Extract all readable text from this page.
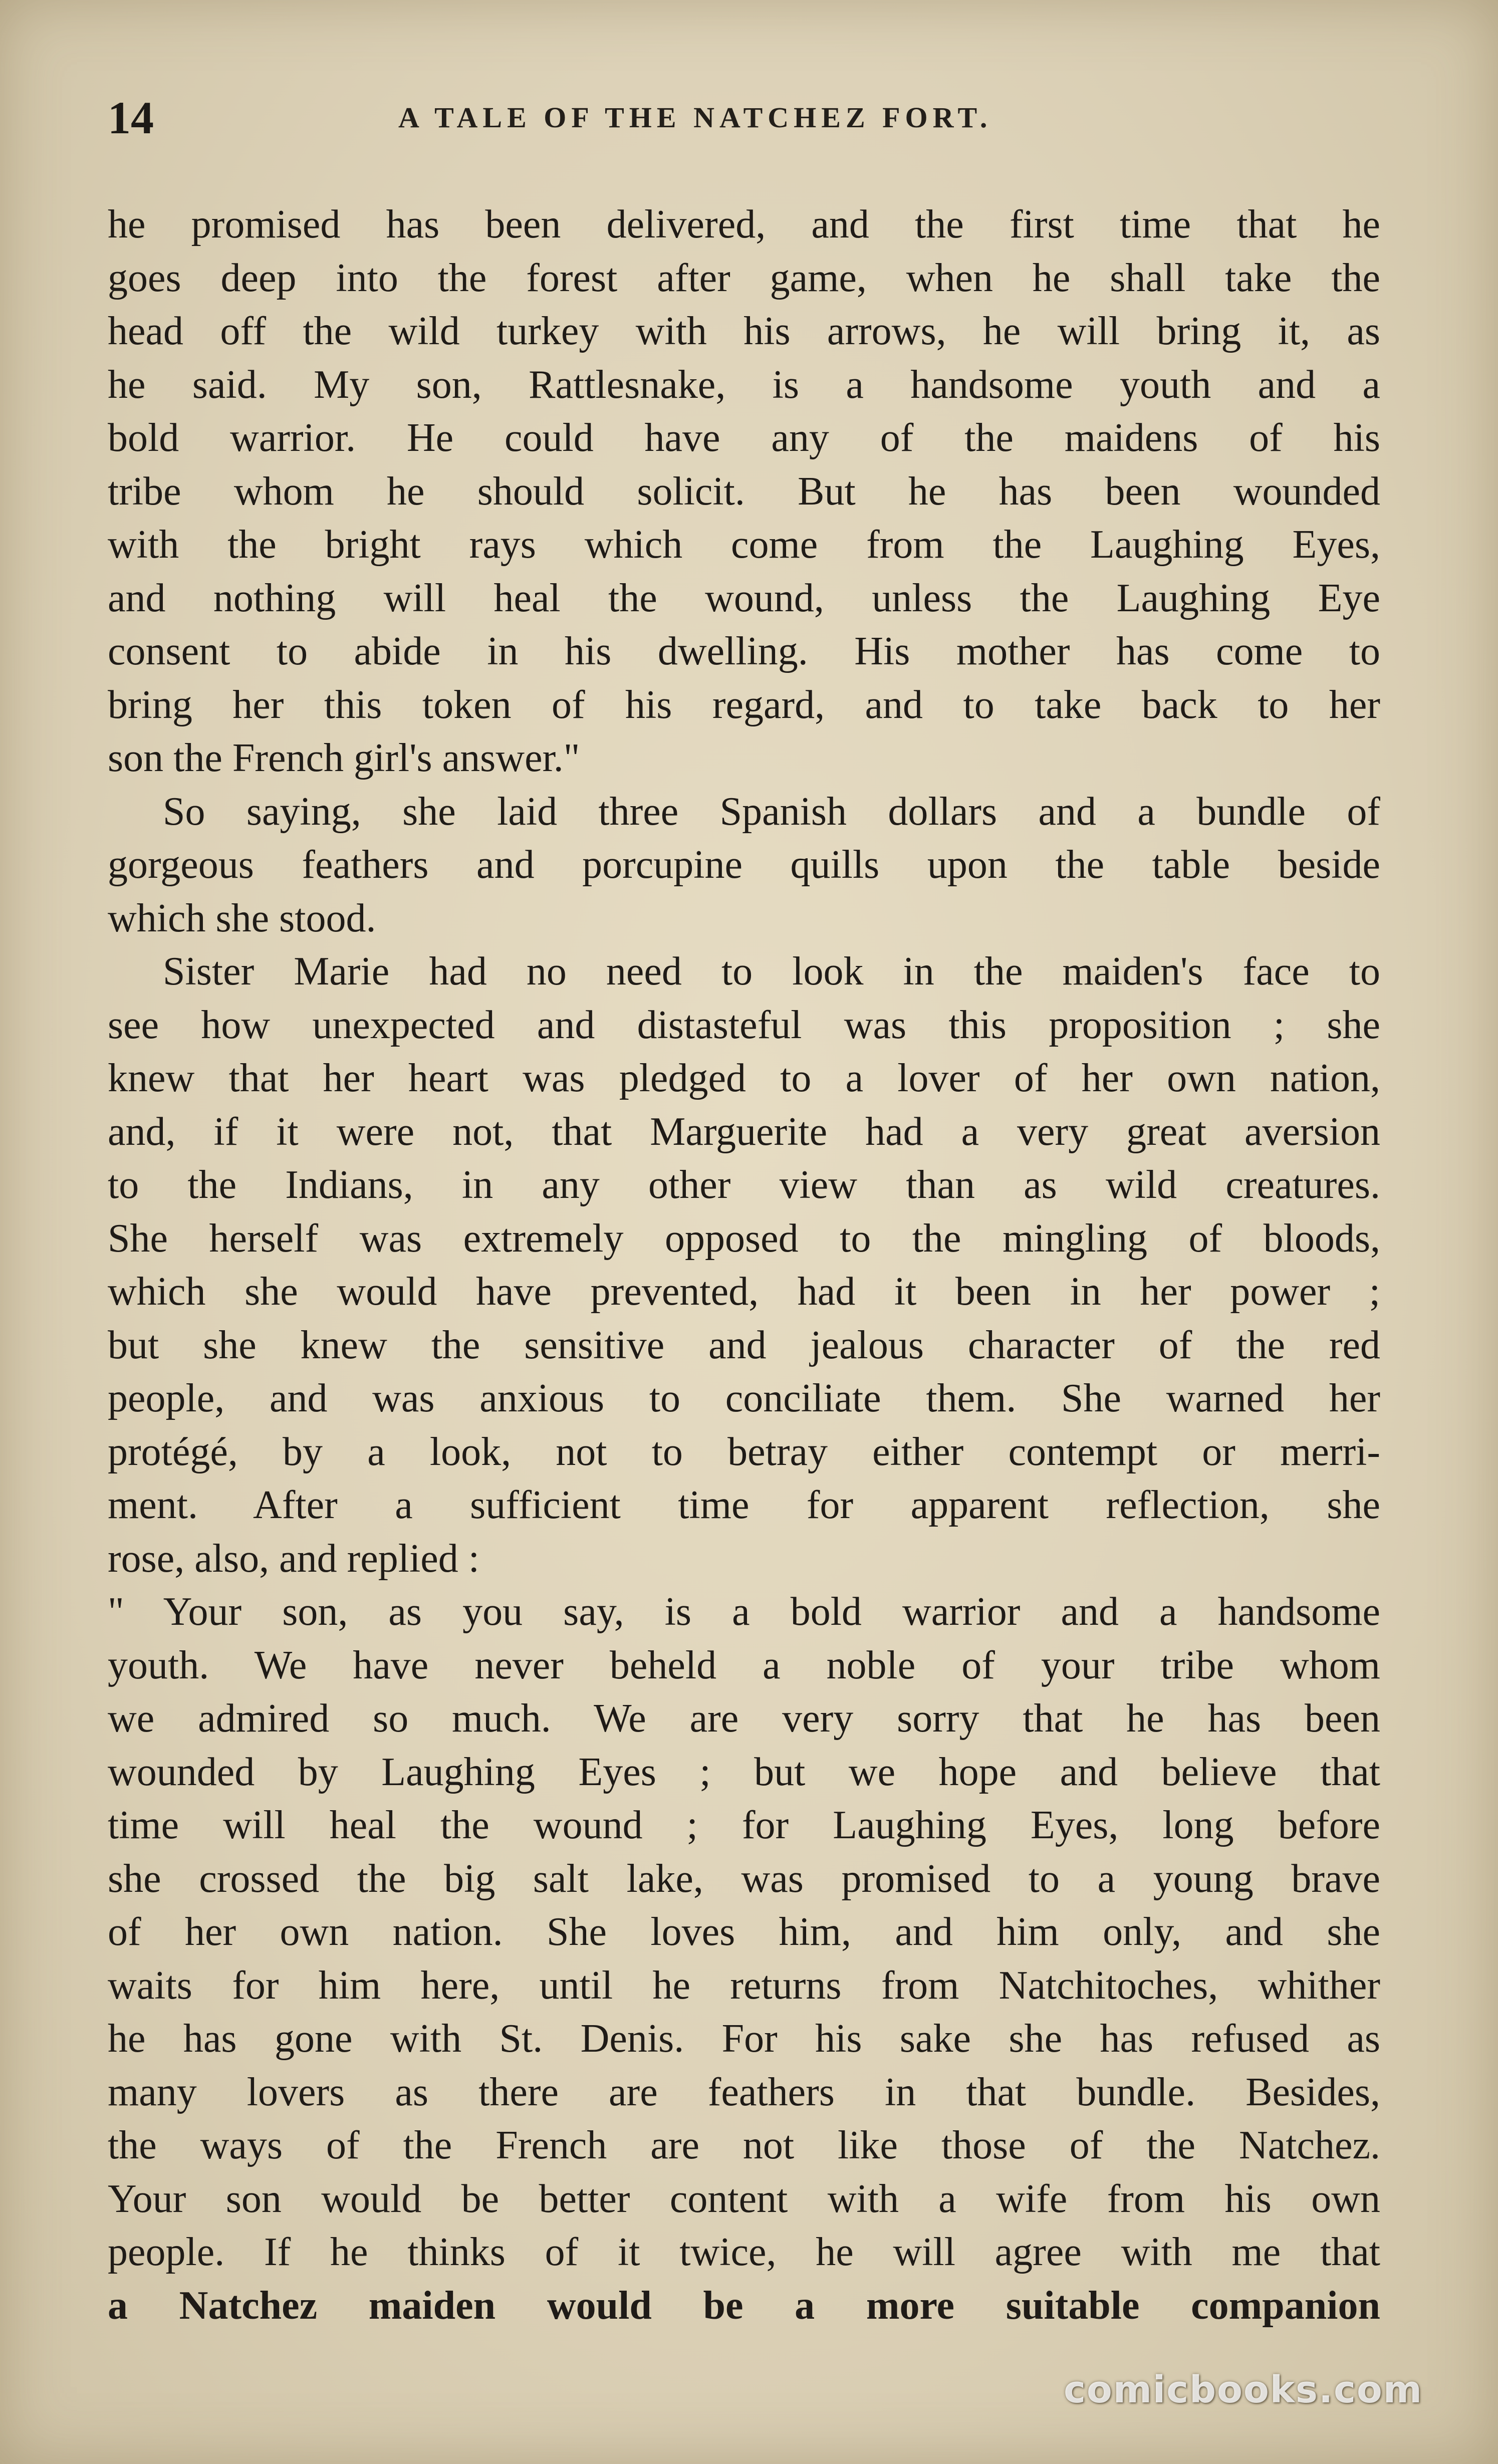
14	A TALE OF THE NATCHEZ FORT.
he promised has been delivered, and the first time that he
goes deep into the forest after game, when he shall take the
head off the wild turkey with his arrows, he will bring it, as
he said. My son, Rattlesnake, is a handsome youth and a
bold warrior. He could have any of the maidens of his
tribe whom he should solicit. But he has been wounded
with the bright rays which come from the Laughing Eyes,
and nothing will heal the wound, unless the Laughing Eye
consent to abide in his dwelling. His mother has come to
bring her this token of his regard, and to take back to her
son the French girl's answer."
So saying, she laid three Spanish dollars and a bundle of
gorgeous feathers and porcupine quills upon the table beside
which she stood.
Sister Marie had no need to look in the maiden's face to
see how unexpected and distasteful was this proposition ; she
knew that her heart was pledged to a lover of her own nation,
and, if it were not, that Marguerite had a very great aversion
to the Indians, in any other view than as wild creatures.
She herself was extremely opposed to the mingling of bloods,
which she would have prevented, had it been in her power ;
but she knew the sensitive and jealous character of the red
people, and was anxious to conciliate them. She warned her
protégé, by a look, not to betray either contempt or merri-
ment. After a sufficient time for apparent reflection, she
rose, also, and replied :
" Your son, as you say, is a bold warrior and a handsome
youth. We have never beheld a noble of your tribe whom
we admired so much. We are very sorry that he has been
wounded by Laughing Eyes ; but we hope and believe that
time will heal the wound ; for Laughing Eyes, long before
she crossed the big salt lake, was promised to a young brave
of her own nation. She loves him, and him only, and she
waits for him here, until he returns from Natchitoches, whither
he has gone with St. Denis. For his sake she has refused as
many lovers as there are feathers in that bundle. Besides,
the ways of the French are not like those of the Natchez.
Your son would be better content with a wife from his own
people. If he thinks of it twice, he will agree with me that
a Natchez maiden would be a more suitable companion
comicbooks.com
